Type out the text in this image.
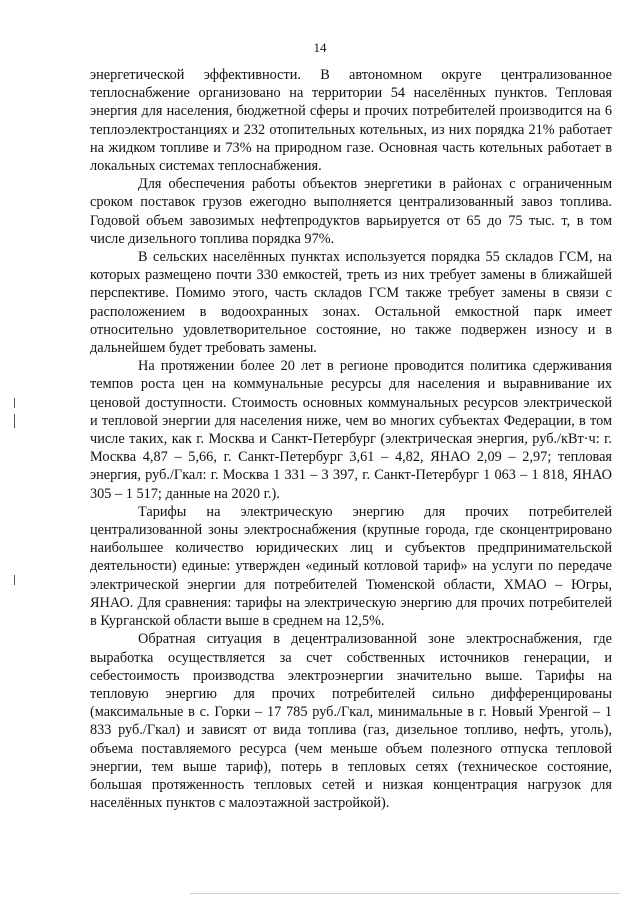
14

энергетической эффективности. В автономном округе централизованное теплоснабжение организовано на территории 54 населённых пунктов. Тепловая энергия для населения, бюджетной сферы и прочих потребителей производится на 6 теплоэлектростанциях и 232 отопительных котельных, из них порядка 21% работает на жидком топливе и 73% на природном газе. Основная часть котельных работает в локальных системах теплоснабжения.

Для обеспечения работы объектов энергетики в районах с ограниченным сроком поставок грузов ежегодно выполняется централизованный завоз топлива. Годовой объем завозимых нефтепродуктов варьируется от 65 до 75 тыс. т, в том числе дизельного топлива порядка 97%.

В сельских населённых пунктах используется порядка 55 складов ГСМ, на которых размещено почти 330 емкостей, треть из них требует замены в ближайшей перспективе. Помимо этого, часть складов ГСМ также требует замены в связи с расположением в водоохранных зонах. Остальной емкостной парк имеет относительно удовлетворительное состояние, но также подвержен износу и в дальнейшем будет требовать замены.

На протяжении более 20 лет в регионе проводится политика сдерживания темпов роста цен на коммунальные ресурсы для населения и выравнивание их ценовой доступности. Стоимость основных коммунальных ресурсов электрической и тепловой энергии для населения ниже, чем во многих субъектах Федерации, в том числе таких, как г. Москва и Санкт-Петербург (электрическая энергия, руб./кВт·ч: г. Москва 4,87 – 5,66, г. Санкт-Петербург 3,61 – 4,82, ЯНАО 2,09 – 2,97; тепловая энергия, руб./Гкал: г. Москва 1 331 – 3 397, г. Санкт-Петербург 1 063 – 1 818, ЯНАО 305 – 1 517; данные на 2020 г.).

Тарифы на электрическую энергию для прочих потребителей централизованной зоны электроснабжения (крупные города, где сконцентрировано наибольшее количество юридических лиц и субъектов предпринимательской деятельности) единые: утвержден «единый котловой тариф» на услуги по передаче электрической энергии для потребителей Тюменской области, ХМАО – Югры, ЯНАО. Для сравнения: тарифы на электрическую энергию для прочих потребителей в Курганской области выше в среднем на 12,5%.

Обратная ситуация в децентрализованной зоне электроснабжения, где выработка осуществляется за счет собственных источников генерации, и себестоимость производства электроэнергии значительно выше. Тарифы на тепловую энергию для прочих потребителей сильно дифференцированы (максимальные в с. Горки – 17 785 руб./Гкал, минимальные в г. Новый Уренгой – 1 833 руб./Гкал) и зависят от вида топлива (газ, дизельное топливо, нефть, уголь), объема поставляемого ресурса (чем меньше объем полезного отпуска тепловой энергии, тем выше тариф), потерь в тепловых сетях (техническое состояние, большая протяженность тепловых сетей и низкая концентрация нагрузок для населённых пунктов с малоэтажной застройкой).
